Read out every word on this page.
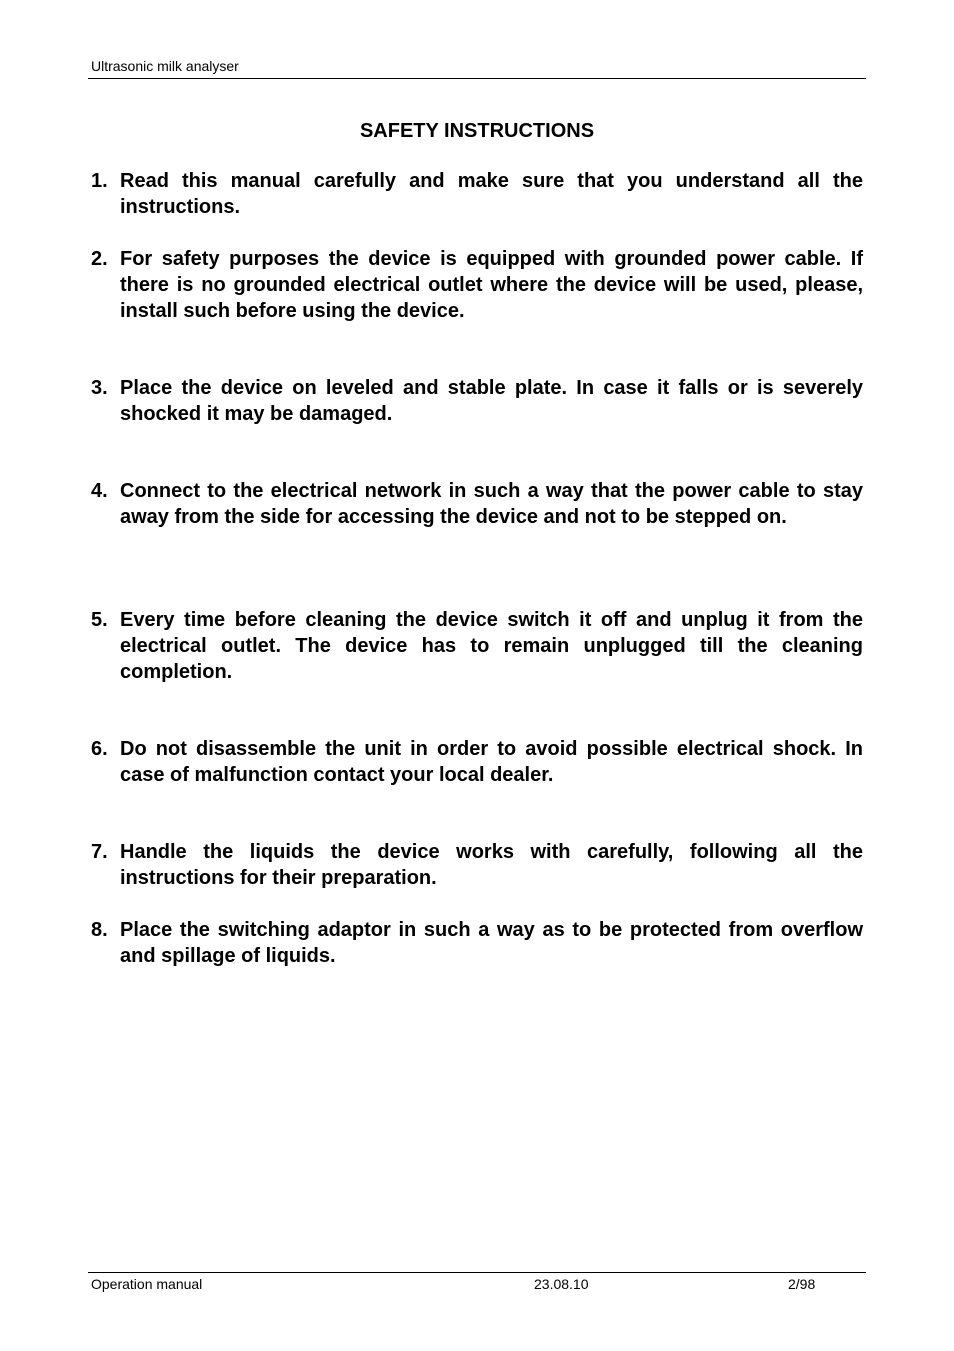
Ultrasonic milk analyser
SAFETY INSTRUCTIONS
1. Read this manual carefully and make sure that you understand all the instructions.
2. For safety purposes the device is equipped with grounded power cable. If there is no grounded electrical outlet where the device will be used, please, install such before using the device.
3. Place the device on leveled and stable plate. In case it falls or is severely shocked it may be damaged.
4. Connect to the electrical network in such a way that the power cable to stay away from the side for accessing the device and not to be stepped on.
5. Every time before cleaning the device switch it off and unplug it from the electrical outlet. The device has to remain unplugged till the cleaning completion.
6. Do not disassemble the unit in order to avoid possible electrical shock. In case of malfunction contact your local dealer.
7. Handle the liquids the device works with carefully, following all the instructions for their preparation.
8. Place the switching adaptor in such a way as to be protected from overflow and spillage of liquids.
Operation manual	23.08.10	2/98
